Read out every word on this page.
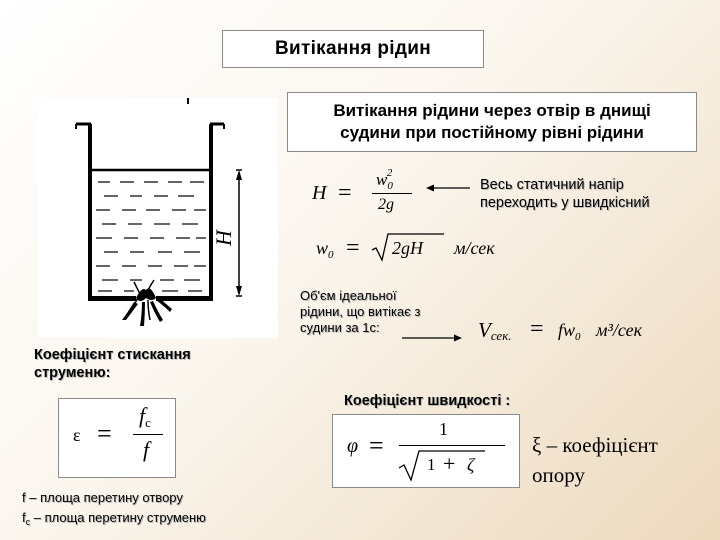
Витікання рідин
H
Витікання рідини через отвір в днищі
судини при постійному рівні рідини
H =
$w_0^2$
2g
Весь статичний напір
переходить у швидкісний
$w_0 = 2gH$ м/сек
Об'єм ідеальної
рідини, що витікає з
судини за 1с:	Vсек. = $fw_0$ м³/сек
Коефіцієнт стискання
струменю:
ε =
fc
f
f – площа перетину отвору
$f_c$ – площа перетину струменю
Коефіцієнт швидкості :
φ =
1
1 + ζ
ξ – коефіцієнт
опору
